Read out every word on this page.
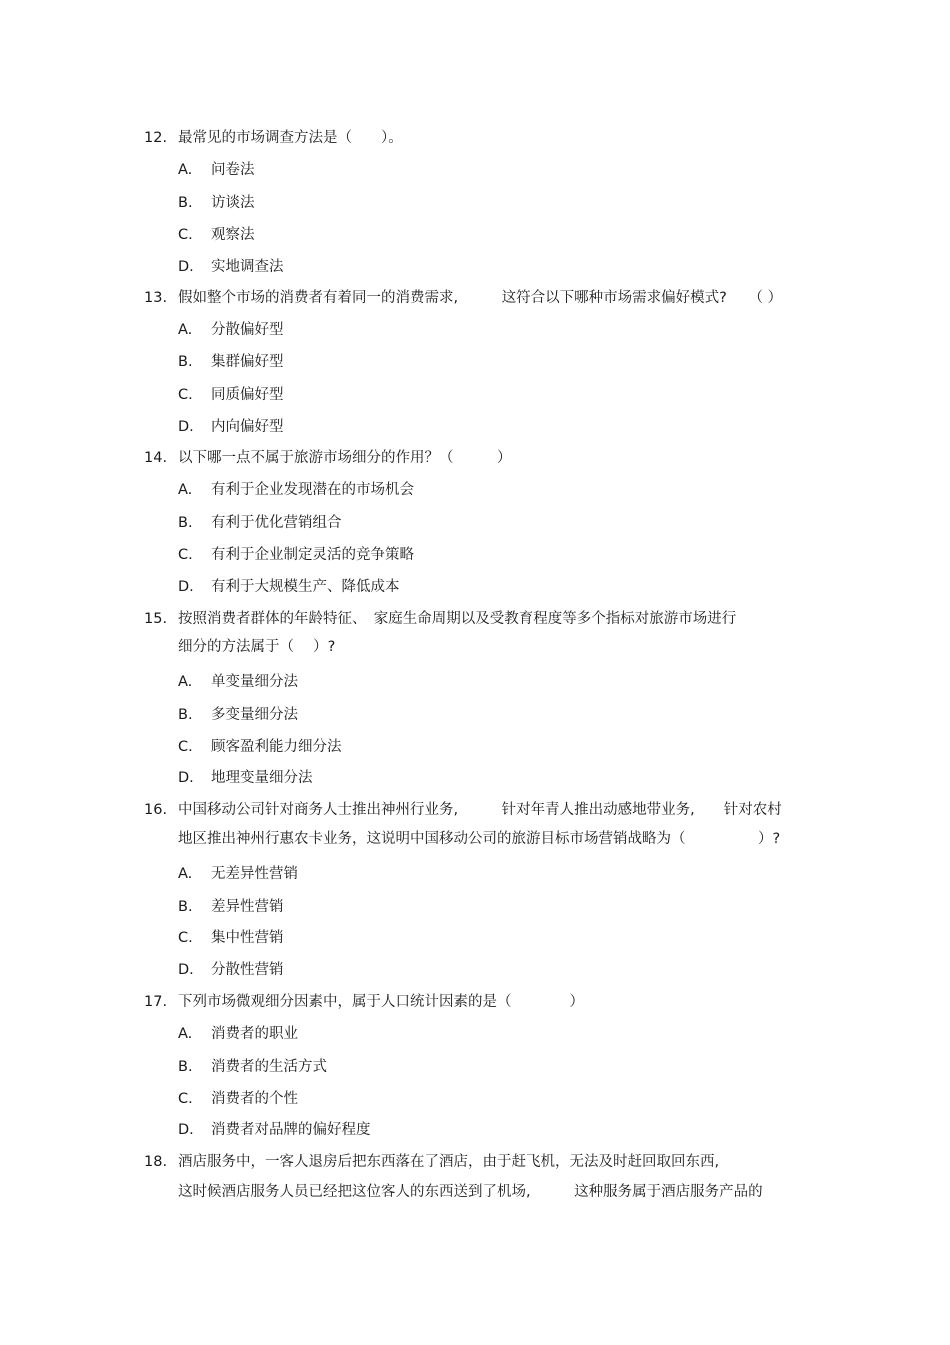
12. 最常见的市场调查方法是（　　）。
A. 问卷法
B. 访谈法
C. 观察法
D. 实地调查法
13. 假如整个市场的消费者有着同一的消费需求,　　　这符合以下哪种市场需求偏好模式?　　（ ）
A. 分散偏好型
B. 集群偏好型
C. 同质偏好型
D. 内向偏好型
14. 以下哪一点不属于旅游市场细分的作用？（　　　）
A. 有利于企业发现潜在的市场机会
B. 有利于优化营销组合
C. 有利于企业制定灵活的竞争策略
D. 有利于大规模生产、降低成本
15. 按照消费者群体的年龄特征、　家庭生命周期以及受教育程度等多个指标对旅游市场进行
细分的方法属于（　 ）?
A. 单变量细分法
B. 多变量细分法
C. 顾客盈利能力细分法
D. 地理变量细分法
16. 中国移动公司针对商务人士推出神州行业务,　　　针对年青人推出动感地带业务,　　针对农村
地区推出神州行惠农卡业务，这说明中国移动公司的旅游目标市场营销战略为（　　　　　）?
A. 无差异性营销
B. 差异性营销
C. 集中性营销
D. 分散性营销
17. 下列市场微观细分因素中，属于人口统计因素的是（　　　　）
A. 消费者的职业
B. 消费者的生活方式
C. 消费者的个性
D. 消费者对品牌的偏好程度
18. 酒店服务中，一客人退房后把东西落在了酒店，由于赶飞机，无法及时赶回取回东西,
这时候酒店服务人员已经把这位客人的东西送到了机场,　　　这种服务属于酒店服务产品的
